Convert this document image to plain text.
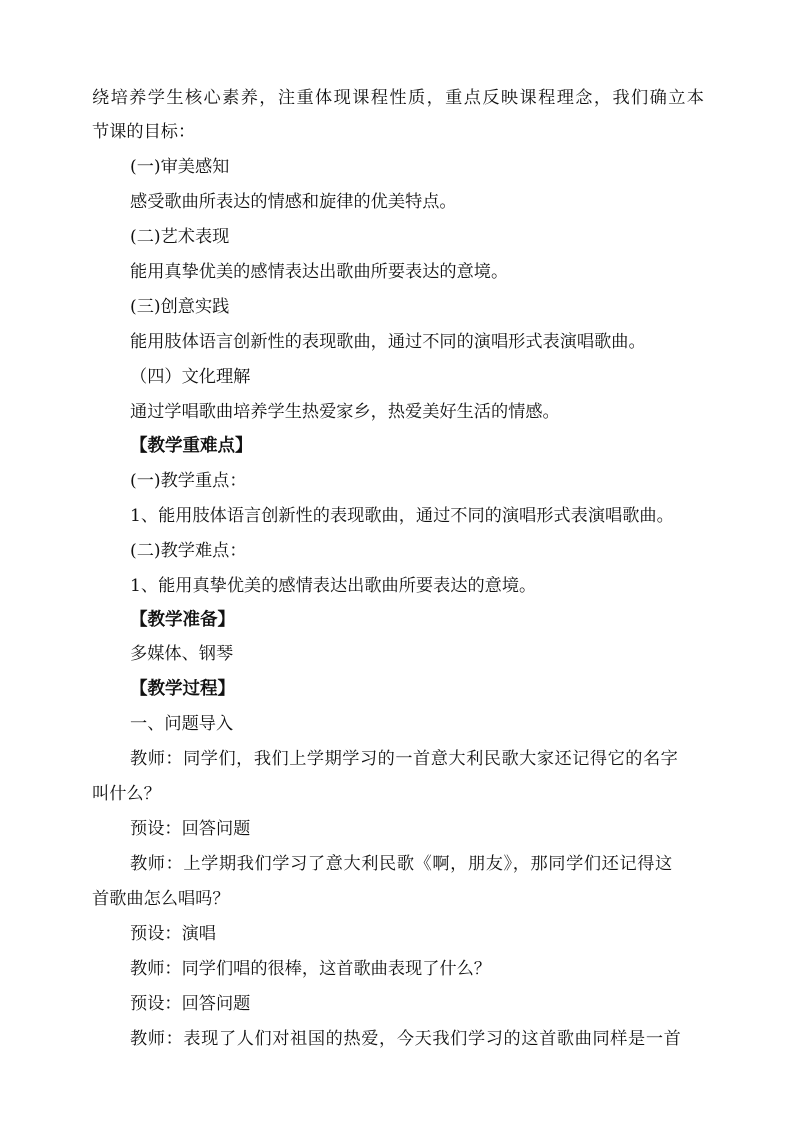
绕培养学生核心素养，注重体现课程性质，重点反映课程理念，我们确立本
节课的目标：
(一)审美感知
感受歌曲所表达的情感和旋律的优美特点。
(二)艺术表现
能用真挚优美的感情表达出歌曲所要表达的意境。
(三)创意实践
能用肢体语言创新性的表现歌曲，通过不同的演唱形式表演唱歌曲。
（四）文化理解
通过学唱歌曲培养学生热爱家乡，热爱美好生活的情感。
【教学重难点】
(一)教学重点：
1、能用肢体语言创新性的表现歌曲，通过不同的演唱形式表演唱歌曲。
(二)教学难点：
1、能用真挚优美的感情表达出歌曲所要表达的意境。
【教学准备】
多媒体、钢琴
【教学过程】
一、问题导入
教师：同学们，我们上学期学习的一首意大利民歌大家还记得它的名字
叫什么？
预设：回答问题
教师：上学期我们学习了意大利民歌《啊，朋友》，那同学们还记得这
首歌曲怎么唱吗？
预设：演唱
教师：同学们唱的很棒，这首歌曲表现了什么？
预设：回答问题
教师：表现了人们对祖国的热爱，今天我们学习的这首歌曲同样是一首
